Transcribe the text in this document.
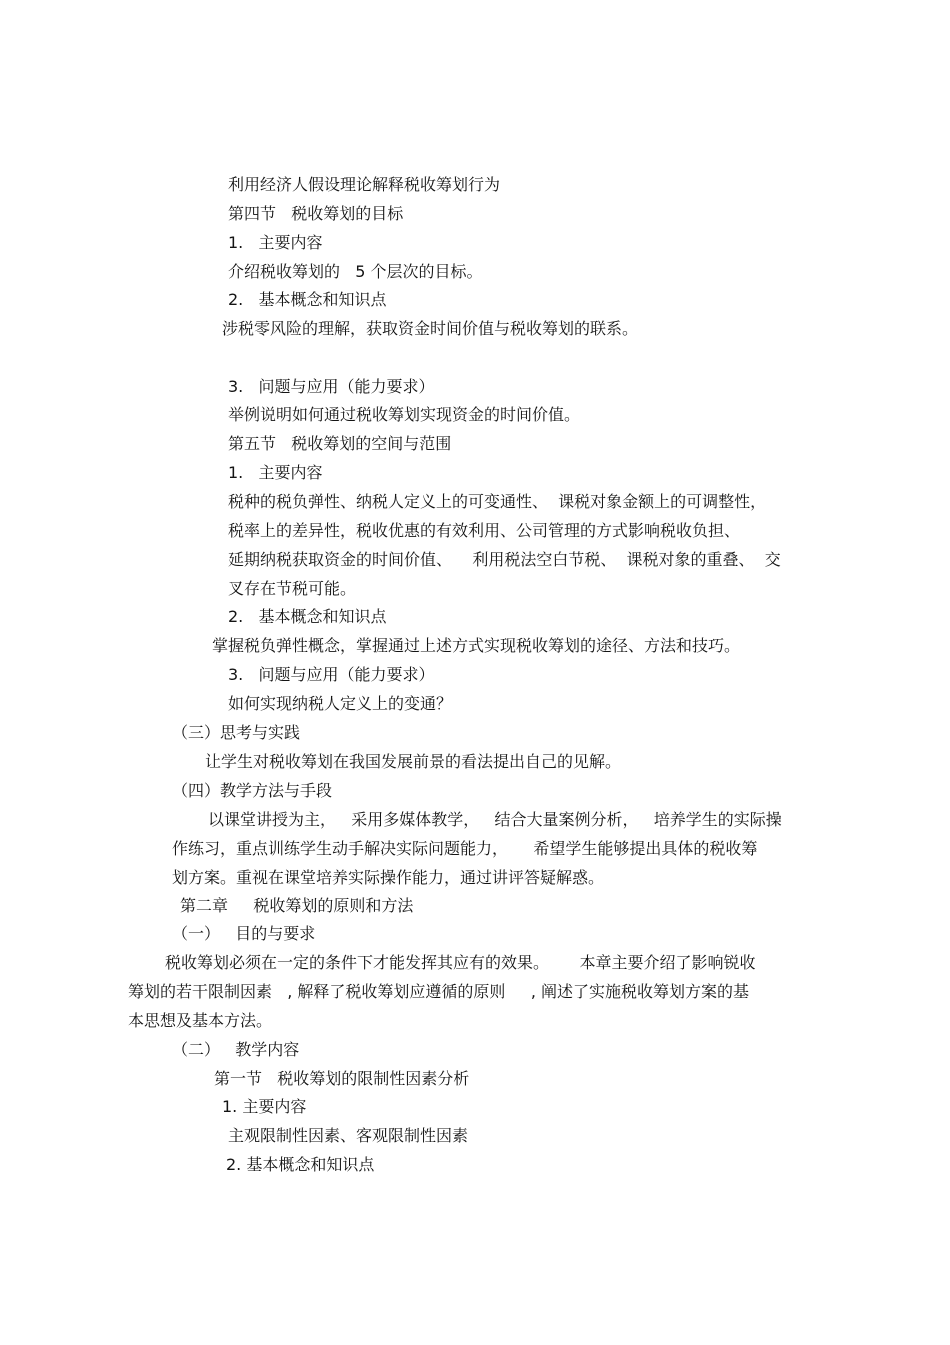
利用经济人假设理论解释税收筹划行为

第四节   税收筹划的目标

1.   主要内容

介绍税收筹划的   5 个层次的目标。

2.   基本概念和知识点

涉税零风险的理解，获取资金时间价值与税收筹划的联系。

3.   问题与应用（能力要求）

举例说明如何通过税收筹划实现资金的时间价值。

第五节   税收筹划的空间与范围

1.   主要内容

税种的税负弹性、纳税人定义上的可变通性、  课税对象金额上的可调整性，

税率上的差异性，税收优惠的有效利用、公司管理的方式影响税收负担、

延期纳税获取资金的时间价值、    利用税法空白节税、  课税对象的重叠、  交

叉存在节税可能。

2.   基本概念和知识点

掌握税负弹性概念，掌握通过上述方式实现税收筹划的途径、方法和技巧。

3.   问题与应用（能力要求）

如何实现纳税人定义上的变通？

（三）思考与实践

让学生对税收筹划在我国发展前景的看法提出自己的见解。

（四）教学方法与手段

以课堂讲授为主，   采用多媒体教学，   结合大量案例分析，   培养学生的实际操

作练习，重点训练学生动手解决实际问题能力，     希望学生能够提出具体的税收筹

划方案。重视在课堂培养实际操作能力，通过讲评答疑解惑。

第二章     税收筹划的原则和方法

（一）   目的与要求

税收筹划必须在一定的条件下才能发挥其应有的效果。      本章主要介绍了影响锐收

筹划的若干限制因素   , 解释了税收筹划应遵循的原则     , 阐述了实施税收筹划方案的基

本思想及基本方法。

（二）   教学内容

第一节   税收筹划的限制性因素分析

1. 主要内容

主观限制性因素、客观限制性因素

2. 基本概念和知识点
